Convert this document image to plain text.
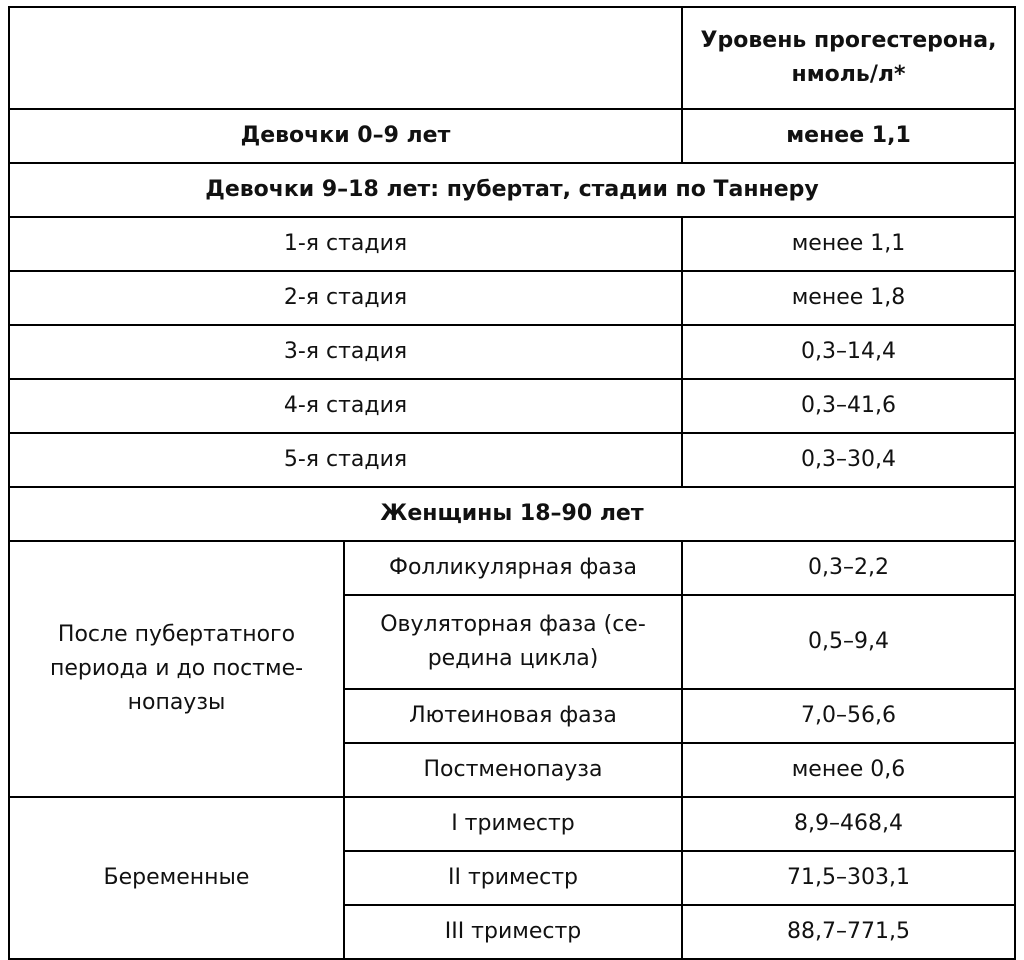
		Уровень прогестерона,
нмоль/л*
Девочки 0–9 лет		менее 1,1
Девочки 9–18 лет: пубертат, стадии по Таннеру		
1-я стадия		менее 1,1
2-я стадия		менее 1,8
3-я стадия		0,3–14,4
4-я стадия		0,3–41,6
5-я стадия		0,3–30,4
Женщины 18–90 лет		
После пубертатного
периода и до постме-
нопаузы	Фолликулярная фаза	0,3–2,2
	Овуляторная фаза (се-
редина цикла)	0,5–9,4
	Лютеиновая фаза	7,0–56,6
	Постменопауза	менее 0,6
Беременные	I триместр	8,9–468,4
	II триместр	71,5–303,1
	III триместр	88,7–771,5
